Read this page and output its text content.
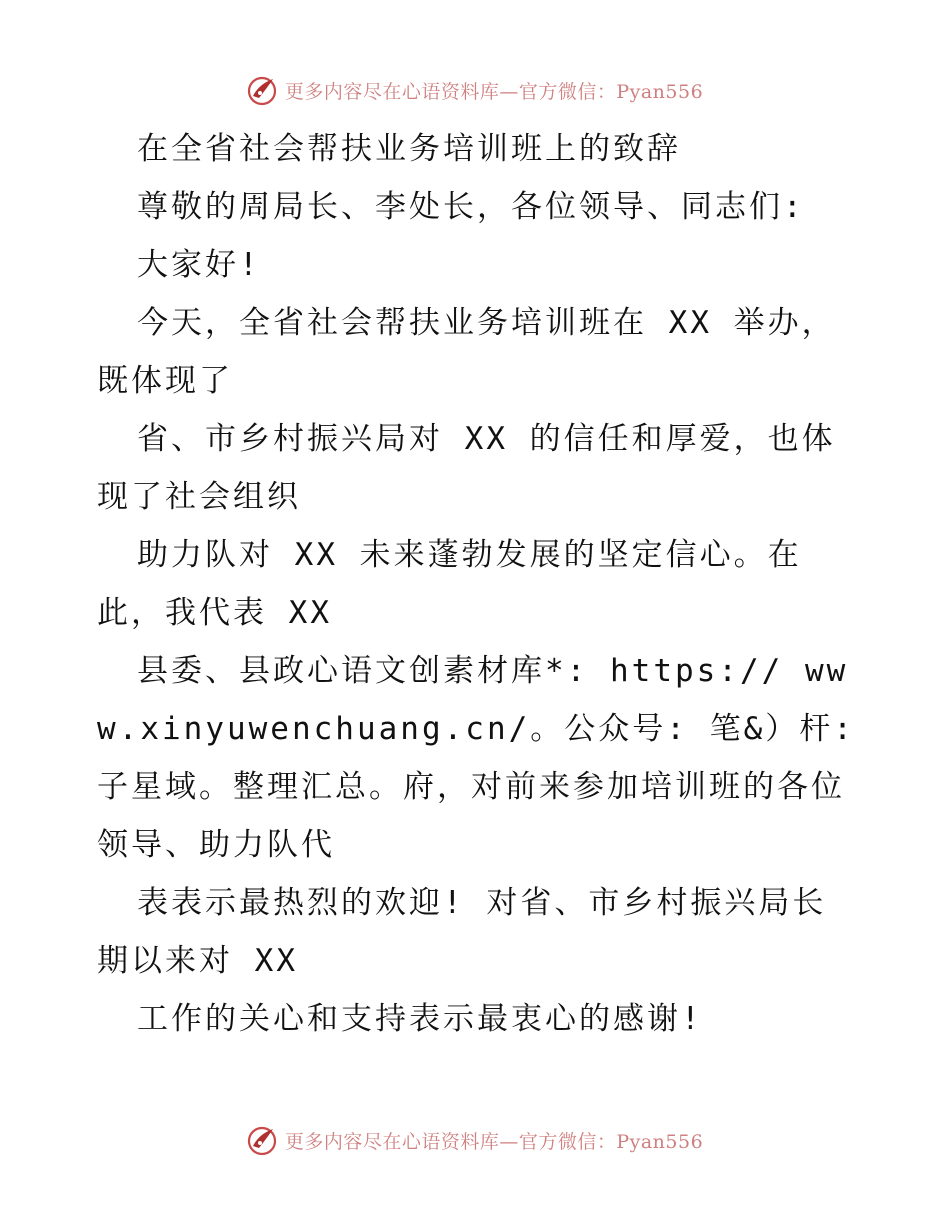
更多内容尽在心语资料库—官方微信：Pyan556

在全省社会帮扶业务培训班上的致辞

尊敬的周局长、李处长，各位领导、同志们:

大家好!

今天，全省社会帮扶业务培训班在 XX 举办，既体现了

省、市乡村振兴局对 XX 的信任和厚爱，也体现了社会组织

助力队对 XX 未来蓬勃发展的坚定信心。在此，我代表 XX

县委、县政心语文创素材库*: https:// www.xinyuwenchuang.cn/。公众号: 笔&）杆:子星域。整理汇总。府，对前来参加培训班的各位领导、助力队代

表表示最热烈的欢迎! 对省、市乡村振兴局长期以来对 XX

工作的关心和支持表示最衷心的感谢!

更多内容尽在心语资料库—官方微信：Pyan556
